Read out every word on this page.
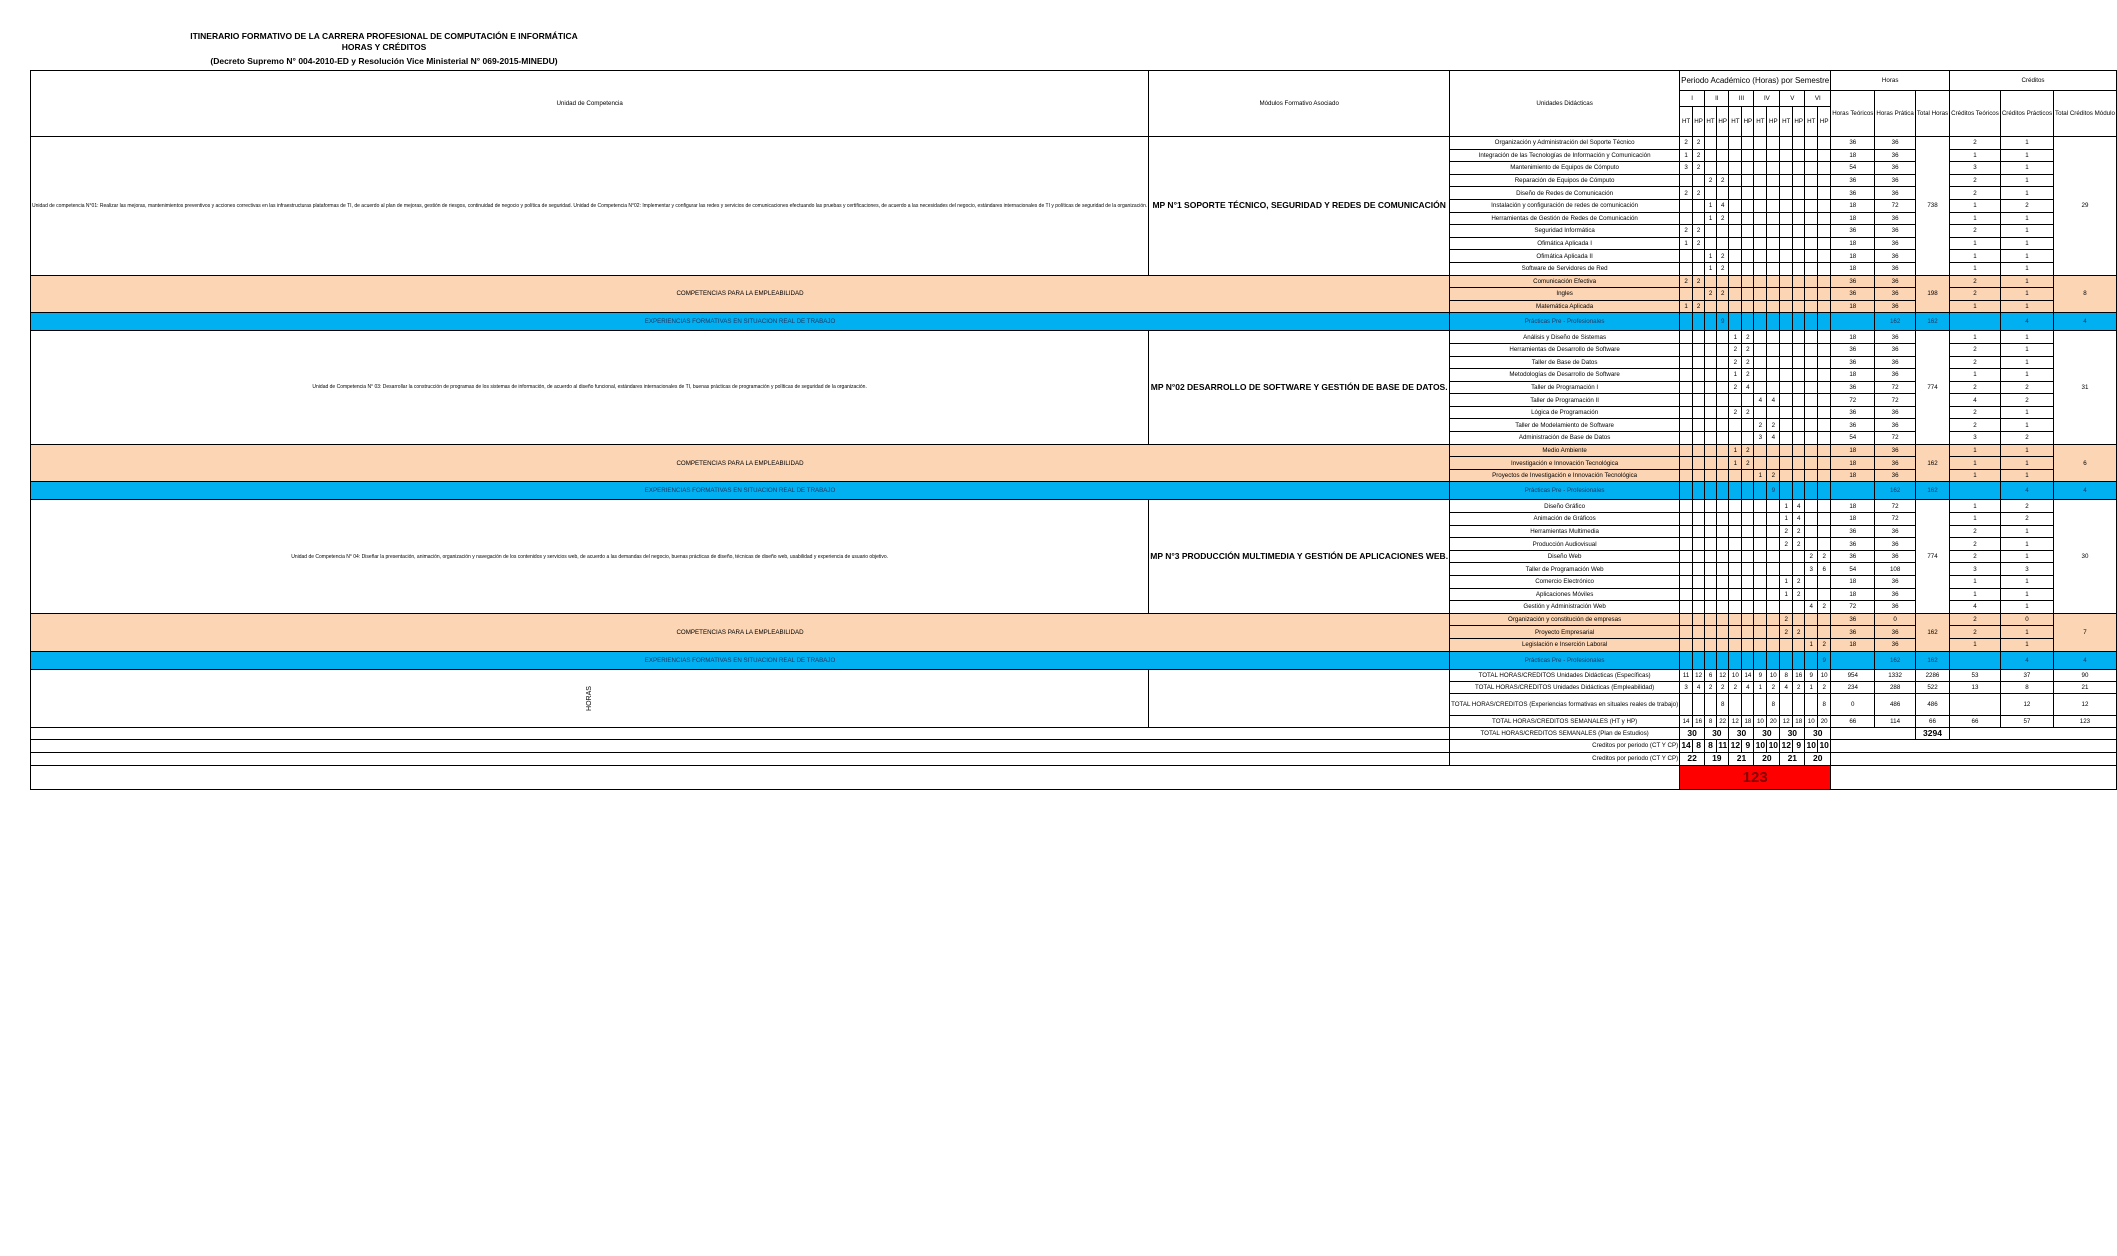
ITINERARIO FORMATIVO DE LA CARRERA PROFESIONAL DE COMPUTACIÓN E INFORMÁTICA
HORAS Y CRÉDITOS
(Decreto Supremo N° 004-2010-ED y Resolución Vice Ministerial N° 069-2015-MINEDU)
Unidad de Competencia	Módulos Formativo Asociado	Unidades Didácticas	Periodo Académico (Horas) por Semestre												Horas			Créditos		
			I		II		III		IV		V		VI		Horas Teóricos	Horas Prática	Total Horas	Créditos Teóricos	Créditos Prácticos	Total Créditos Módulo
			HT	HP	HT	HP	HT	HP	HT	HP	HT	HP	HT	HP						
Unidad de competencia N°01: Realizar las mejoras, mantenimientos preventivos y acciones correctivas en las infraestructuras plataformas de TI, de acuerdo al plan de mejoras, gestión de riesgos, continuidad de negocio y política de seguridad. Unidad de Competencia N°02: Implementar y configurar las redes y servicios de comunicaciones efectuando las pruebas y certificaciones, de acuerdo a las necesidades del negocio, estándares internacionales de TI y políticas de seguridad de la organización.	MP N°1 SOPORTE TÉCNICO, SEGURIDAD Y REDES DE COMUNICACIÓN	Organización y Administración del Soporte Técnico	2	2											36	36	738	2	1	29
		Integración de las Tecnologías de Información y Comunicación	1	2											18	36		1	1	
		Mantenimiento de Equipos de Cómputo	3	2											54	36		3	1	
		Reparación de Equipos de Cómputo			2	2									36	36		2	1	
		Diseño de Redes de Comunicación	2	2											36	36		2	1	
		Instalación y configuración de redes de comunicación			1	4									18	72		1	2	
		Herramientas de Gestión de Redes de Comunicación			1	2									18	36		1	1	
		Seguridad Informática	2	2											36	36		2	1	
		Ofimática Aplicada I	1	2											18	36		1	1	
		Ofimática Aplicada II			1	2									18	36		1	1	
		Software de Servidores de Red			1	2									18	36		1	1	
COMPETENCIAS PARA LA EMPLEABILIDAD		Comunicación Efectiva	2	2											36	36	198	2	1	8
		Ingles			2	2									36	36		2	1	
		Matemática Aplicada	1	2											18	36		1	1	
EXPERIENCIAS FORMATIVAS EN SITUACION REAL DE TRABAJO		Prácticas Pre - Profesionales				9										162	162		4	4
Unidad de Competencia N° 03: Desarrollar la construcción de programas de los sistemas de información, de acuerdo al diseño funcional, estándares internacionales de TI, buenas prácticas de programación y políticas de seguridad de la organización.	MP N°02 DESARROLLO DE SOFTWARE Y GESTIÓN DE BASE DE DATOS.	Análisis y Diseño de Sistemas					1	2							18	36	774	1	1	31
		Herramientas de Desarrollo de Software					2	2							36	36		2	1	
		Taller de Base de Datos					2	2							36	36		2	1	
		Metodologías de Desarrollo de Software					1	2							18	36		1	1	
		Taller de Programación I					2	4							36	72		2	2	
		Taller de Programación II							4	4					72	72		4	2	
		Lógica de Programación					2	2							36	36		2	1	
		Taller de Modelamiento de Software							2	2					36	36		2	1	
		Administración de Base de Datos							3	4					54	72		3	2	
COMPETENCIAS PARA LA EMPLEABILIDAD		Medio Ambiente					1	2							18	36	162	1	1	6
		Investigación e Innovación Tecnológica					1	2							18	36		1	1	
		Proyectos de Investigación e Innovación Tecnológica							1	2					18	36		1	1	
EXPERIENCIAS FORMATIVAS EN SITUACION REAL DE TRABAJO		Prácticas Pre - Profesionales								9						162	162		4	4
Unidad de Competencia N° 04: Diseñar la presentación, animación, organización y navegación de los contenidos y servicios web, de acuerdo a las demandas del negocio, buenas prácticas de diseño, técnicas de diseño web, usabilidad y experiencia de usuario objetivo.	MP N°3 PRODUCCIÓN MULTIMEDIA Y GESTIÓN DE APLICACIONES WEB.	Diseño Gráfico									1	4			18	72	774	1	2	30
		Animación de Gráficos									1	4			18	72		1	2	
		Herramientas Multimedia									2	2			36	36		2	1	
		Producción Audiovisual									2	2			36	36		2	1	
		Diseño Web											2	2	36	36		2	1	
		Taller de Programación Web											3	6	54	108		3	3	
		Comercio Electrónico									1	2			18	36		1	1	
		Aplicaciones Móviles									1	2			18	36		1	1	
		Gestión y Administración Web											4	2	72	36		4	1	
COMPETENCIAS PARA LA EMPLEABILIDAD		Organización y constitución de empresas									2				36	0	162	2	0	7
		Proyecto Empresarial									2	2			36	36		2	1	
		Legislación e Inserción Laboral											1	2	18	36		1	1	
EXPERIENCIAS FORMATIVAS EN SITUACION REAL DE TRABAJO		Prácticas Pre - Profesionales												9		162	162		4	4

HORAS		TOTAL HORAS/CREDITOS Unidades Didácticas (Específicas)	11	12	6	12	10	14	9	10	8	16	9	10	954	1332	2286	53	37	90
		TOTAL HORAS/CREDITOS Unidades Didácticas (Empleabilidad)	3	4	2	2	2	4	1	2	4	2	1	2	234	288	522	13	8	21
		TOTAL HORAS/CREDITOS (Experiencias formativas en situales reales de trabajo)				8				8				8	0	486	486		12	12
		TOTAL HORAS/CREDITOS SEMANALES (HT y HP)	14	16	8	22	12	18	10	20	12	18	10	20	66	114	66	66	57	123
		TOTAL HORAS/CREDITOS SEMANALES (Plan de Estudios)	30		30		30		30		30		30				3294			
		Creditos por periodo (CT Y CP)	14	8	8	11	12	9	10	10	12	9	10	10						
		Creditos por periodo (CT Y CP)	22		19		21		20		21		20							
			123																	
